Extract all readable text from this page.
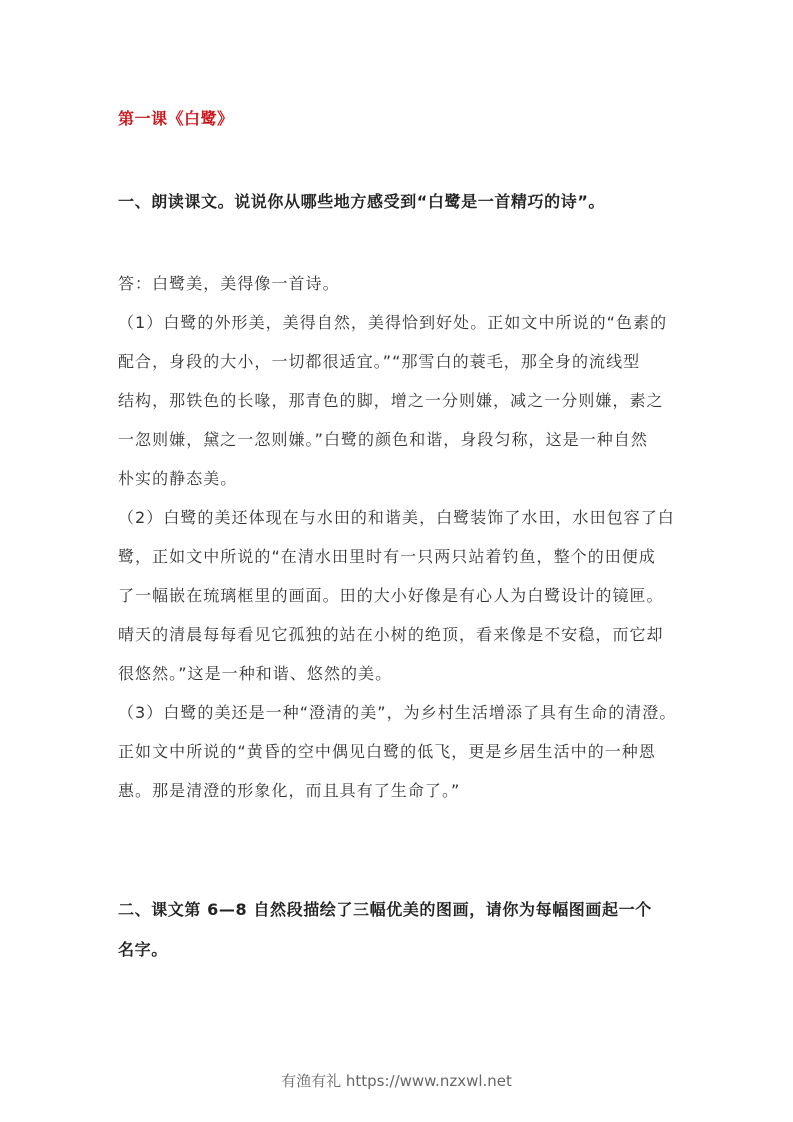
第一课《白鹭》
一、朗读课文。说说你从哪些地方感受到“白鹭是一首精巧的诗”。
答：白鹭美，美得像一首诗。
（1）白鹭的外形美，美得自然，美得恰到好处。正如文中所说的“色素的
配合，身段的大小，一切都很适宜。”“那雪白的蓑毛，那全身的流线型
结构，那铁色的长喙，那青色的脚，增之一分则嫌，减之一分则嫌，素之
一忽则嫌，黛之一忽则嫌。”白鹭的颜色和谐，身段匀称，这是一种自然
朴实的静态美。
（2）白鹭的美还体现在与水田的和谐美，白鹭装饰了水田，水田包容了白
鹭，正如文中所说的“在清水田里时有一只两只站着钓鱼，整个的田便成
了一幅嵌在琉璃框里的画面。田的大小好像是有心人为白鹭设计的镜匣。
晴天的清晨每每看见它孤独的站在小树的绝顶，看来像是不安稳，而它却
很悠然。”这是一种和谐、悠然的美。
（3）白鹭的美还是一种“澄清的美”，为乡村生活增添了具有生命的清澄。
正如文中所说的“黄昏的空中偶见白鹭的低飞，更是乡居生活中的一种恩
惠。那是清澄的形象化，而且具有了生命了。”
二、课文第 6—8 自然段描绘了三幅优美的图画，请你为每幅图画起一个
名字。
有渔有礼 https://www.nzxwl.net
